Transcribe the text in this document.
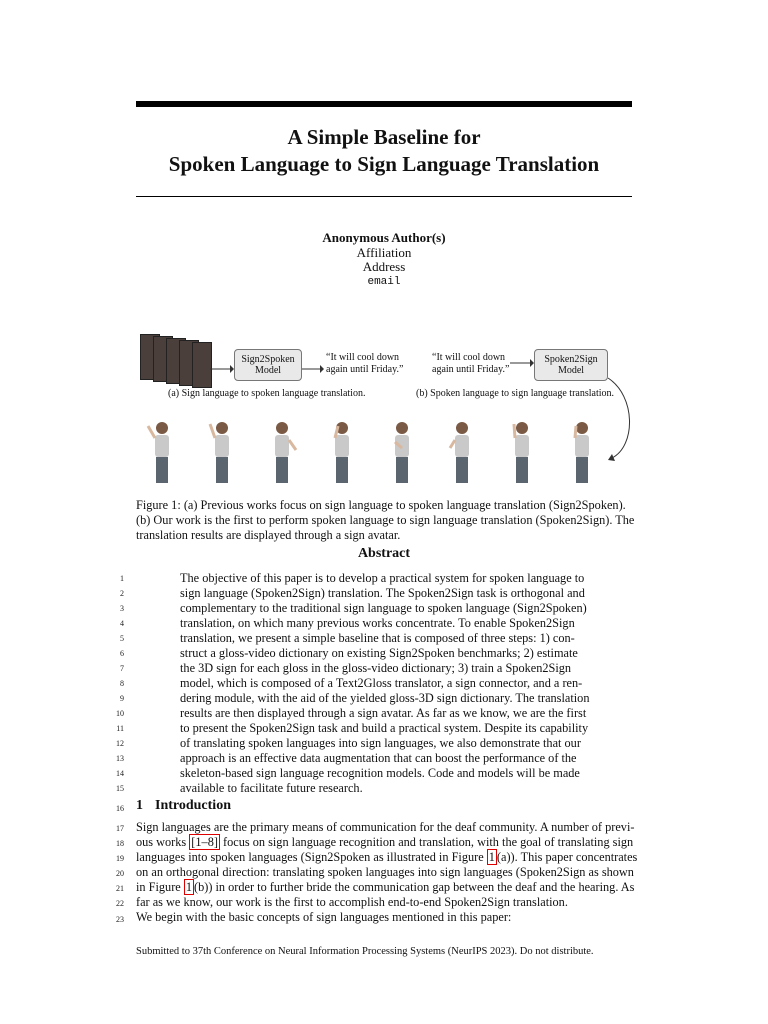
A Simple Baseline for
Spoken Language to Sign Language Translation
Anonymous Author(s)
Affiliation
Address
email
Sign2Spoken
Model
“It will cool down
again until Friday.”
“It will cool down
again until Friday.”
Spoken2Sign
Model
(a) Sign language to spoken language translation.	(b) Spoken language to sign language translation.
Figure 1: (a) Previous works focus on sign language to spoken language translation (Sign2Spoken).
(b) Our work is the first to perform spoken language to sign language translation (Spoken2Sign). The
translation results are displayed through a sign avatar.
Abstract
1
2
3
4
5
6
7
8
9
10
11
12
13
14
15
16
17
18
19
20
21
22
23
The objective of this paper is to develop a practical system for spoken language to
sign language (Spoken2Sign) translation. The Spoken2Sign task is orthogonal and
complementary to the traditional sign language to spoken language (Sign2Spoken)
translation, on which many previous works concentrate. To enable Spoken2Sign
translation, we present a simple baseline that is composed of three steps: 1) con-
struct a gloss-video dictionary on existing Sign2Spoken benchmarks; 2) estimate
the 3D sign for each gloss in the gloss-video dictionary; 3) train a Spoken2Sign
model, which is composed of a Text2Gloss translator, a sign connector, and a ren-
dering module, with the aid of the yielded gloss-3D sign dictionary. The translation
results are then displayed through a sign avatar. As far as we know, we are the first
to present the Spoken2Sign task and build a practical system. Despite its capability
of translating spoken languages into sign languages, we also demonstrate that our
approach is an effective data augmentation that can boost the performance of the
skeleton-based sign language recognition models. Code and models will be made
available to facilitate future research.
1 Introduction
Sign languages are the primary means of communication for the deaf community. A number of previ-
ous works [1–8] focus on sign language recognition and translation, with the goal of translating sign
languages into spoken languages (Sign2Spoken as illustrated in Figure 1 (a)). This paper concentrates
on an orthogonal direction: translating spoken languages into sign languages (Spoken2Sign as shown
in Figure 1 (b)) in order to further bride the communication gap between the deaf and the hearing. As
far as we know, our work is the first to accomplish end-to-end Spoken2Sign translation.
We begin with the basic concepts of sign languages mentioned in this paper:
Submitted to 37th Conference on Neural Information Processing Systems (NeurIPS 2023). Do not distribute.
